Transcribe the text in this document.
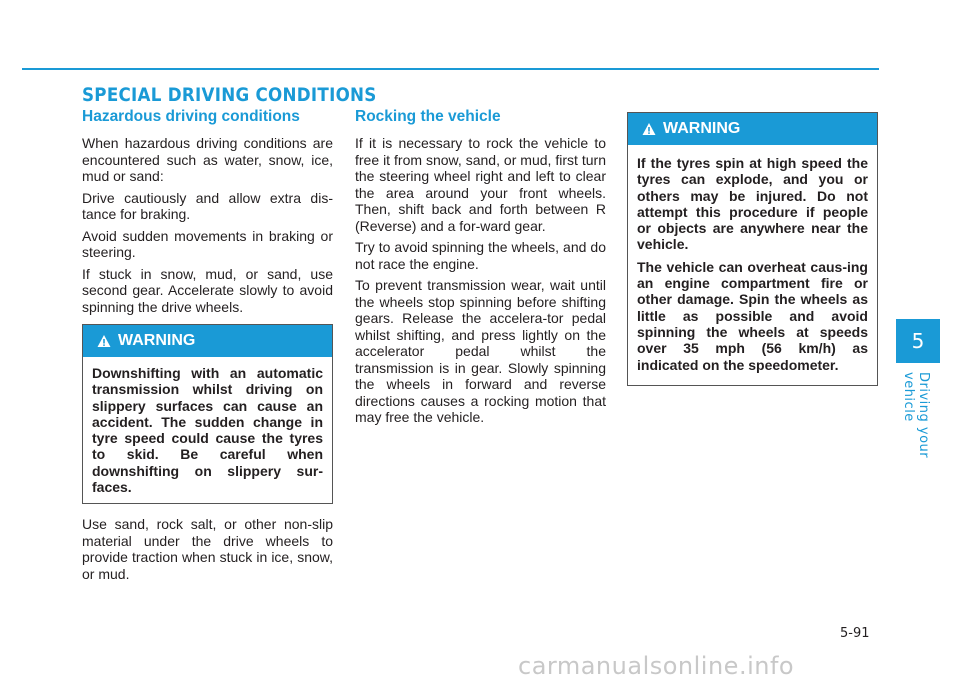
SPECIAL DRIVING CONDITIONS
Hazardous driving conditions

When hazardous driving conditions are encountered such as water, snow, ice, mud or sand:

Drive cautiously and allow extra dis-tance for braking.

Avoid sudden movements in braking or steering.

If stuck in snow, mud, or sand, use second gear. Accelerate slowly to avoid spinning the drive wheels.

WARNING

Downshifting with an automatic transmission whilst driving on slippery surfaces can cause an accident. The sudden change in tyre speed could cause the tyres to skid. Be careful when downshifting on slippery sur-faces.

Use sand, rock salt, or other non-slip material under the drive wheels to provide traction when stuck in ice, snow, or mud.

Rocking the vehicle

If it is necessary to rock the vehicle to free it from snow, sand, or mud, first turn the steering wheel right and left to clear the area around your front wheels. Then, shift back and forth between R (Reverse) and a for-ward gear.

Try to avoid spinning the wheels, and do not race the engine.

To prevent transmission wear, wait until the wheels stop spinning before shifting gears. Release the accelera-tor pedal whilst shifting, and press lightly on the accelerator pedal whilst the transmission is in gear. Slowly spinning the wheels in forward and reverse directions causes a rocking motion that may free the vehicle.

WARNING

If the tyres spin at high speed the tyres can explode, and you or others may be injured. Do not attempt this procedure if people or objects are anywhere near the vehicle.

The vehicle can overheat caus-ing an engine compartment fire or other damage. Spin the wheels as little as possible and avoid spinning the wheels at speeds over 35 mph (56 km/h) as indicated on the speedometer.

5
Driving your vehicle
5-91
carmanualsonline.info
